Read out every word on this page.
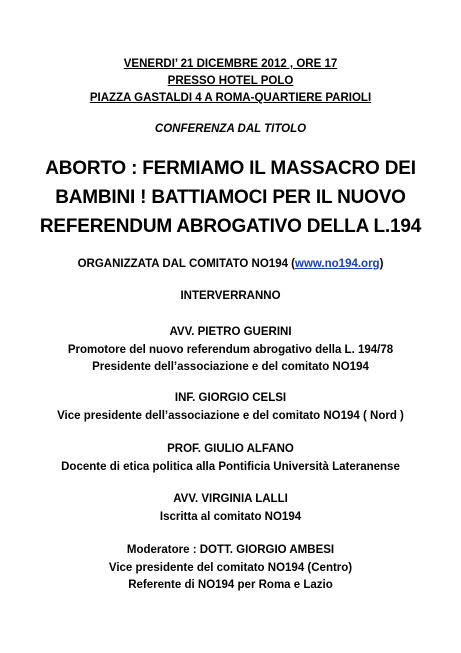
VENERDI’ 21 DICEMBRE 2012 , ORE 17
PRESSO HOTEL POLO
PIAZZA GASTALDI 4 A ROMA-QUARTIERE PARIOLI
CONFERENZA DAL TITOLO
ABORTO : FERMIAMO IL MASSACRO DEI
BAMBINI ! BATTIAMOCI PER IL NUOVO
REFERENDUM ABROGATIVO DELLA L.194
ORGANIZZATA DAL COMITATO NO194 (www.no194.org)
INTERVERRANNO
AVV. PIETRO GUERINI
Promotore del nuovo referendum abrogativo della L. 194/78
Presidente dell’associazione e del comitato NO194
INF. GIORGIO CELSI
Vice presidente dell’associazione e del comitato NO194 ( Nord )
PROF. GIULIO ALFANO
Docente di etica politica alla Pontificia Università Lateranense
AVV. VIRGINIA LALLI
Iscritta al comitato NO194
Moderatore : DOTT. GIORGIO AMBESI
Vice presidente del comitato NO194 (Centro)
Referente di NO194 per Roma e Lazio
